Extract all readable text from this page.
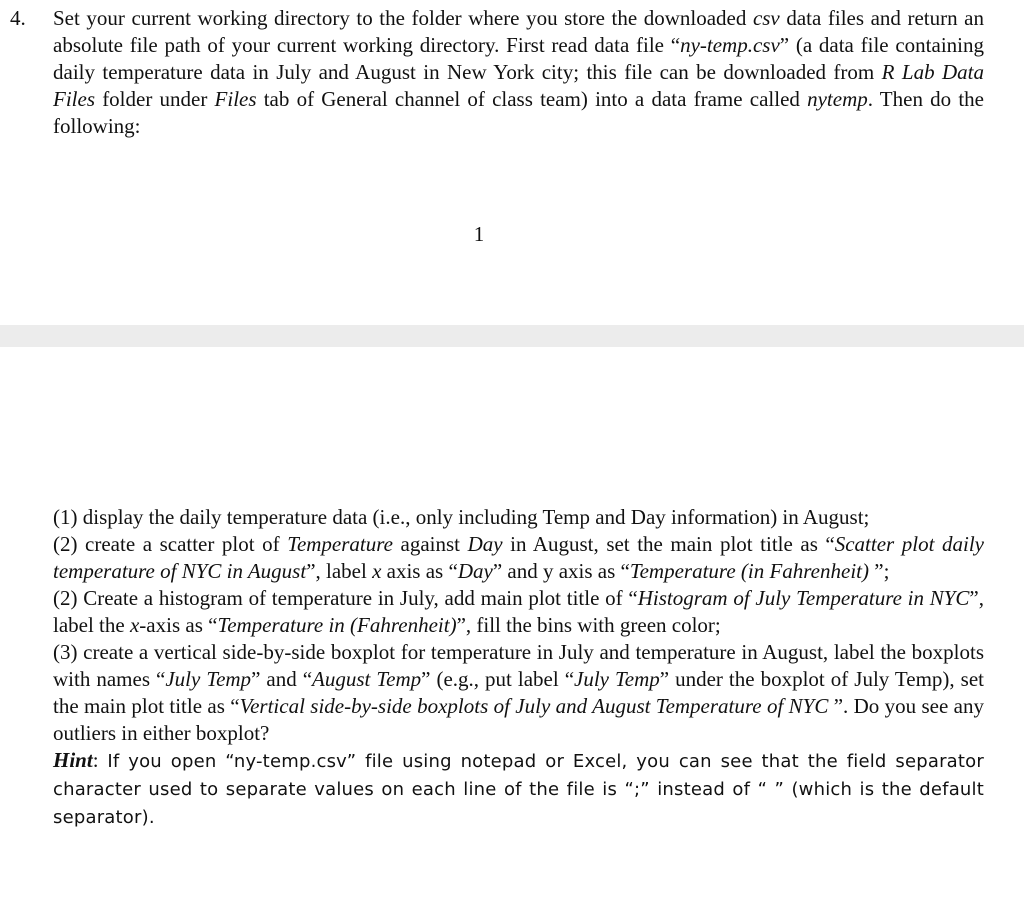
4. Set your current working directory to the folder where you store the downloaded csv data files and return an absolute file path of your current working directory. First read data file “ny-temp.csv” (a data file containing daily temperature data in July and August in New York city; this file can be downloaded from R Lab Data Files folder under Files tab of General channel of class team) into a data frame called nytemp. Then do the following:

1

(1) display the daily temperature data (i.e., only including Temp and Day information) in August;

(2) create a scatter plot of Temperature against Day in August, set the main plot title as “Scatter plot daily temperature of NYC in August”, label x axis as “Day” and y axis as “Temperature (in Fahrenheit) ”;

(2) Create a histogram of temperature in July, add main plot title of “Histogram of July Temperature in NYC”, label the x-axis as “Temperature in (Fahrenheit)”, fill the bins with green color;

(3) create a vertical side-by-side boxplot for temperature in July and temperature in August, label the boxplots with names “July Temp” and “August Temp” (e.g., put label “July Temp” under the boxplot of July Temp), set the main plot title as “Vertical side-by-side boxplots of July and August Temperature of NYC ”. Do you see any outliers in either boxplot?

Hint: If you open “ny-temp.csv” file using notepad or Excel, you can see that the field separator character used to separate values on each line of the file is “;” instead of “ ” (which is the default separator).
